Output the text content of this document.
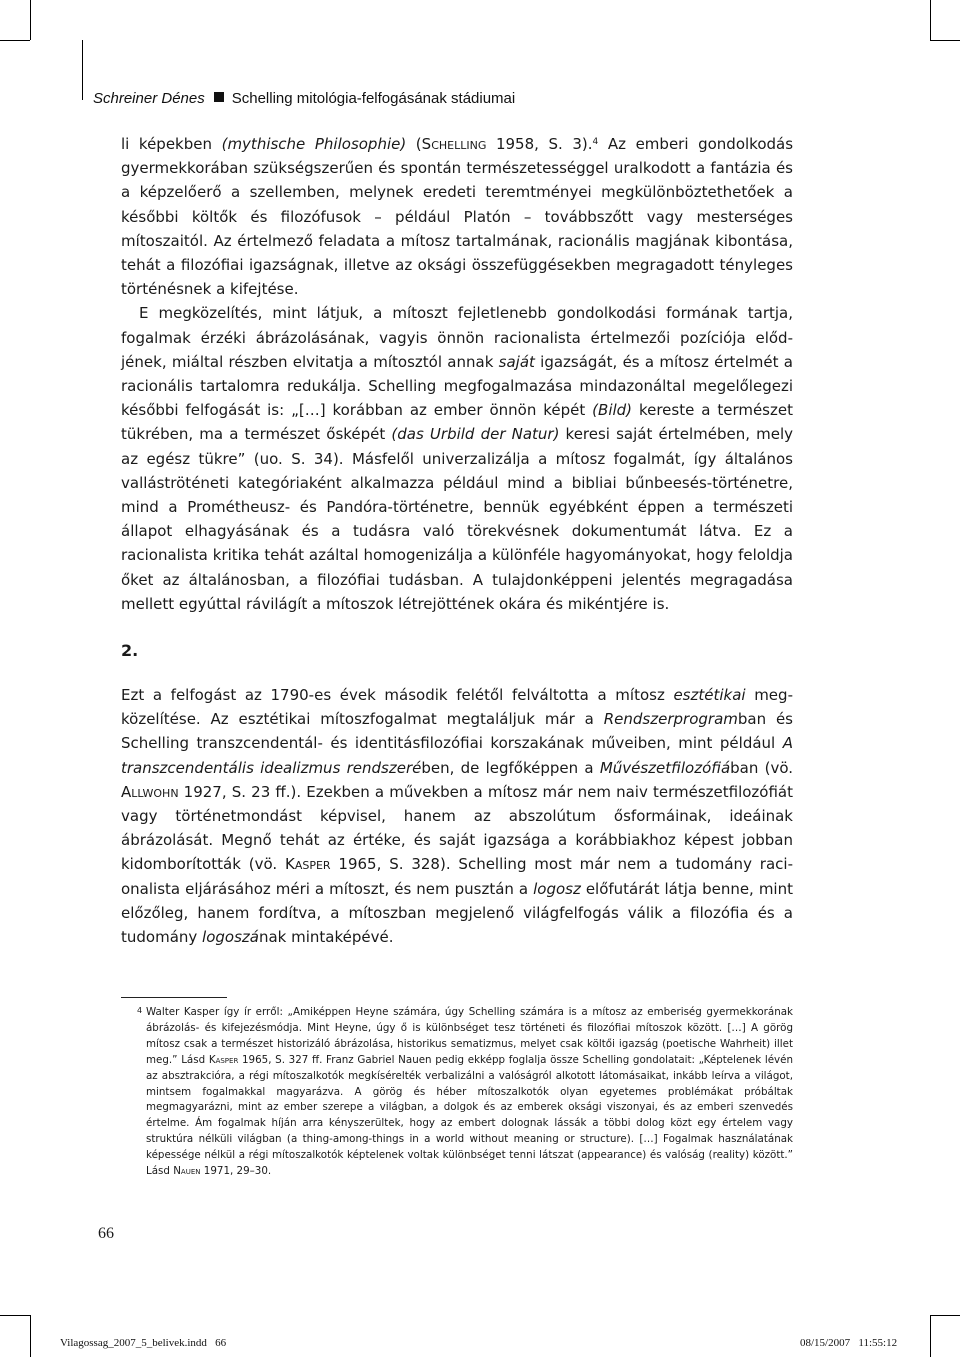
Schreiner Dénes Schelling mitológia-felfogásának stádiumai

li képekben (mythische Philosophie) (Schelling 1958, S. 3).$^4$ Az emberi gondolkodás gyermekkorában szükségszerűen és spontán természetességgel uralkodott a fantázia és a képzelőerő a szellemben, melynek eredeti teremtményei megkülönböztethetőek a későbbi költők és filozófusok – például Platón – továbbszőtt vagy mesterséges mítoszaitól. Az értelmező feladata a mítosz tartalmának, racionális magjának kibontása, tehát a filozófiai igazságnak, illetve az oksági összefüggésekben megragadott tényleges történésnek a kifejtése.

E megközelítés, mint látjuk, a mítoszt fejletlenebb gondolkodási formának tartja, fogalmak érzéki ábrázolásának, vagyis önnön racionalista értelmezői pozíciója elődjének, miáltal részben elvitatja a mítosztól annak saját igazságát, és a mítosz értelmét a racionális tartalomra redukálja. Schelling megfogalmazása mindazonáltal megelőlegezi későbbi felfogását is: „[…] korábban az ember önnön képét (Bild) kereste a természet tükrében, ma a természet ősképét (das Urbild der Natur) keresi saját értelmében, mely az egész tükre” (uo. S. 34). Másfelől univerzalizálja a mítosz fogalmát, így általános valláströténeti kategóriaként alkalmazza például mind a bibliai bűnbeesés-történetre, mind a Prométheusz- és Pandóra-történetre, bennük egyébként éppen a természeti állapot elhagyásának és a tudásra való törekvésnek dokumentumát látva. Ez a racionalista kritika tehát azáltal homogenizálja a különféle hagyományokat, hogy feloldja őket az általánosban, a filozófiai tudásban. A tulajdonképpeni jelentés megragadása mellett egyúttal rávilágít a mítoszok létrejöttének okára és mikéntjére is.

2.

Ezt a felfogást az 1790-es évek második felétől felváltotta a mítosz esztétikai megközelítése. Az esztétikai mítoszfogalmat megtaláljuk már a Rendszerprogramban és Schelling transzcendentál- és identitásfilozófiai korszakának műveiben, mint például A transzcendentális idealizmus rendszerében, de legfőképpen a Művészetfilozófiában (vö. Allwohn 1927, S. 23 ff.). Ezekben a művekben a mítosz már nem naiv természetfilozófiát vagy történetmondást képvisel, hanem az abszolútum ősformáinak, ideáinak ábrázolását. Megnő tehát az értéke, és saját igazsága a korábbiakhoz képest jobban kidomborították (vö. Kasper 1965, S. 328). Schelling most már nem a tudomány racionalista eljárásához méri a mítoszt, és nem pusztán a logosz előfutárát látja benne, mint előzőleg, hanem fordítva, a mítoszban megjelenő világfelfogás válik a filozófia és a tudomány logoszának mintaképévé.

4 Walter Kasper így ír erről: „Amiképpen Heyne számára, úgy Schelling számára is a mítosz az emberiség gyermekkorának ábrázolás- és kifejezésmódja. Mint Heyne, úgy ő is különbséget tesz történeti és filozófiai mítoszok között. […] A görög mítosz csak a természet historizáló ábrázolása, historikus sematizmus, melyet csak költői igazság (poetische Wahrheit) illet meg.” Lásd Kasper 1965, S. 327 ff. Franz Gabriel Nauen pedig ekképp foglalja össze Schelling gondolatait: „Képtelenek lévén az absztrakcióra, a régi mítoszalkotók megkísérelték verbalizálni a valóságról alkotott látomásaikat, inkább leírva a világot, mintsem fogalmakkal magyarázva. A görög és héber mítoszalkotók olyan egyetemes problémákat próbáltak megmagyarázni, mint az ember szerepe a világban, a dolgok és az emberek oksági viszonyai, és az emberi szenvedés értelme. Ám fogalmak híján arra kényszerültek, hogy az embert dolognak lássák a többi dolog közt egy értelem vagy struktúra nélküli világban (a thing-among-things in a world without meaning or structure). […] Fogalmak használatának képessége nélkül a régi mítoszalkotók képtelenek voltak különbséget tenni látszat (appearance) és valóság (reality) között.” Lásd Nauen 1971, 29–30.
66
Vilagossag_2007_5_belivek.indd   66	08/15/2007   11:55:12
